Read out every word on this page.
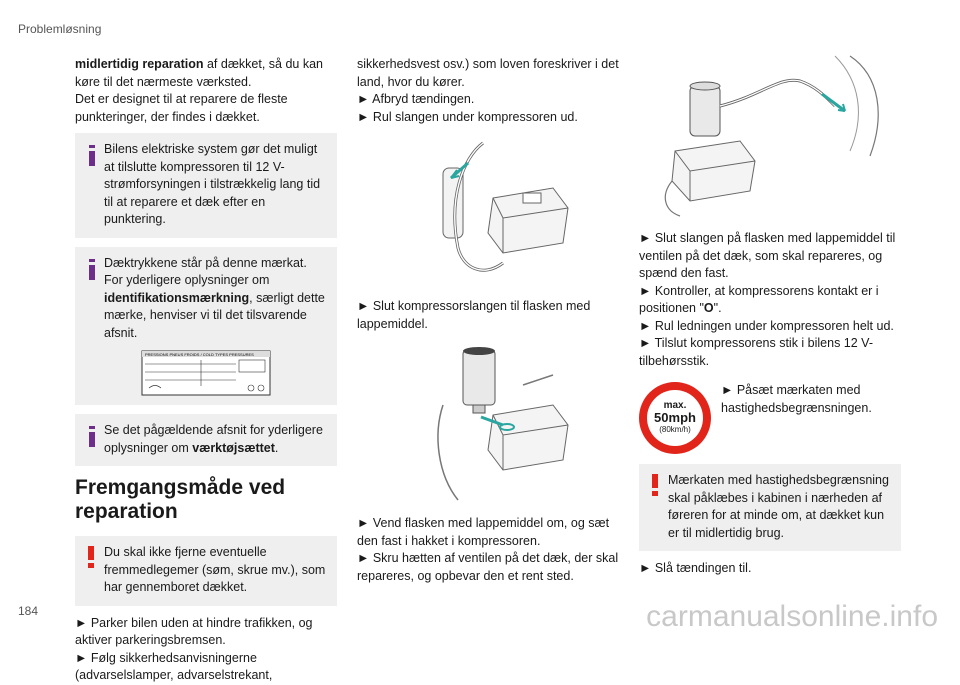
Problemløsning
midlertidig reparation af dækket, så du kan køre til det nærmeste værksted.
Det er designet til at reparere de fleste punkteringer, der findes i dækket.
Bilens elektriske system gør det muligt at tilslutte kompressoren til 12 V-strømforsyningen i tilstrækkelig lang tid til at reparere et dæk efter en punktering.
Dæktrykkene står på denne mærkat. For yderligere oplysninger om identifikationsmærkning, særligt dette mærke, henviser vi til det tilsvarende afsnit.
PRESSIONS PNEUS FROIDS / COLD TYPES PRESSURES
Se det pågældende afsnit for yderligere oplysninger om værktøjsættet.
Fremgangsmåde ved reparation
Du skal ikke fjerne eventuelle fremmedlegemer (søm, skrue mv.), som har gennemboret dækket.
► Parker bilen uden at hindre trafikken, og aktiver parkeringsbremsen.
► Følg sikkerhedsanvisningerne (advarselslamper, advarselstrekant,
sikkerhedsvest osv.) som loven foreskriver i det land, hvor du kører.
► Afbryd tændingen.
► Rul slangen under kompressoren ud.
► Slut kompressorslangen til flasken med lappemiddel.
► Vend flasken med lappemiddel om, og sæt den fast i hakket i kompressoren.
► Skru hætten af ventilen på det dæk, der skal repareres, og opbevar den et rent sted.
► Slut slangen på flasken med lappemiddel til ventilen på det dæk, som skal repareres, og spænd den fast.
► Kontroller, at kompressorens kontakt er i positionen "O".
► Rul ledningen under kompressoren helt ud.
► Tilslut kompressorens stik i bilens 12 V-tilbehørsstik.
max.
50mph
(80km/h)
► Påsæt mærkaten med hastighedsbegrænsningen.
Mærkaten med hastighedsbegrænsning skal påklæbes i kabinen i nærheden af føreren for at minde om, at dækket kun er til midlertidig brug.
► Slå tændingen til.
184	carmanualsonline.info
